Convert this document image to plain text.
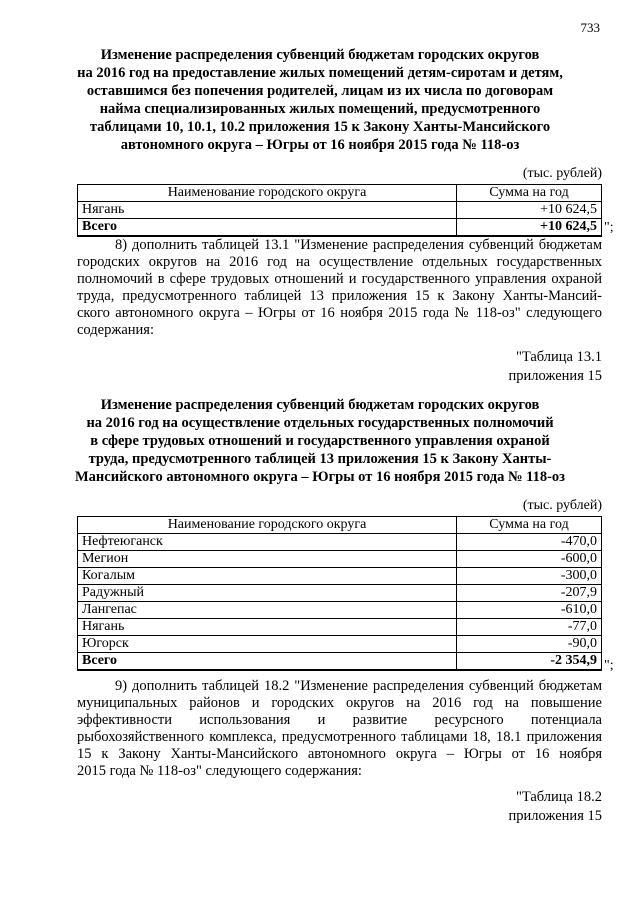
733
Изменение распределения субвенций бюджетам городских округов
на 2016 год на предоставление жилых помещений детям-сиротам и детям,
оставшимся без попечения родителей, лицам из их числа по договорам
найма специализированных жилых помещений, предусмотренного
таблицами 10, 10.1, 10.2 приложения 15 к Закону Ханты-Мансийского
автономного округа – Югры от 16 ноября 2015 года № 118-оз
(тыс. рублей)
Наименование городского округа	Сумма на год
Нягань	+10 624,5
Всего	+10 624,5 ";
8) дополнить таблицей 13.1 "Изменение распределения субвенций бюджетам
городских округов на 2016 год на осуществление отдельных государственных
полномочий в сфере трудовых отношений и государственного управления охраной
труда, предусмотренного таблицей 13 приложения 15 к Закону Ханты-Мансий-
ского автономного округа – Югры от 16 ноября 2015 года № 118-оз" следующего
содержания:
"Таблица 13.1
приложения 15
Изменение распределения субвенций бюджетам городских округов
на 2016 год на осуществление отдельных государственных полномочий
в сфере трудовых отношений и государственного управления охраной
труда, предусмотренного таблицей 13 приложения 15 к Закону Ханты-
Мансийского автономного округа – Югры от 16 ноября 2015 года № 118-оз
(тыс. рублей)
Наименование городского округа	Сумма на год
Нефтеюганск	-470,0
Мегион	-600,0
Когалым	-300,0
Радужный	-207,9
Лангепас	-610,0
Нягань	-77,0
Югорск	-90,0
Всего	-2 354,9 ";
9) дополнить таблицей 18.2 "Изменение распределения субвенций бюджетам
муниципальных районов и городских округов на 2016 год на повышение
эффективности использования и развитие ресурсного потенциала
рыбохозяйственного комплекса, предусмотренного таблицами 18, 18.1 приложения
15 к Закону Ханты-Мансийского автономного округа – Югры от 16 ноября
2015 года № 118-оз" следующего содержания:
"Таблица 18.2
приложения 15
